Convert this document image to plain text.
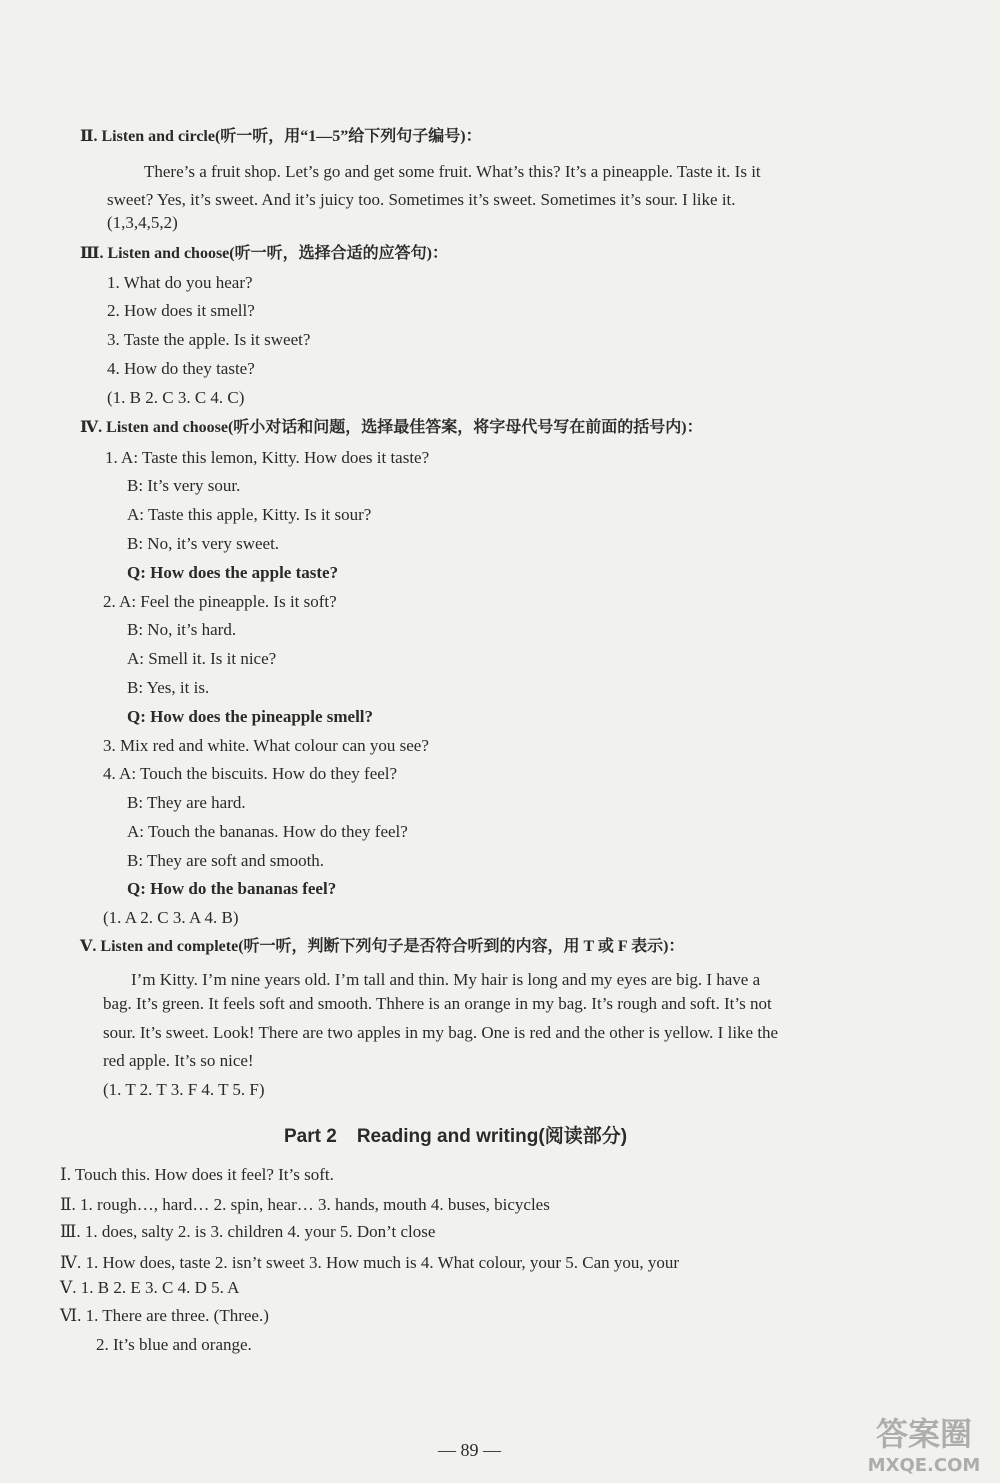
Ⅱ. Listen and circle(听一听，用“1—5”给下列句子编号)：
There’s a fruit shop. Let’s go and get some fruit. What’s this? It’s a pineapple. Taste it. Is it
sweet? Yes, it’s sweet. And it’s juicy too. Sometimes it’s sweet. Sometimes it’s sour. I like it.
(1,3,4,5,2)
Ⅲ. Listen and choose(听一听，选择合适的应答句)：
1. What do you hear?
2. How does it smell?
3. Taste the apple. Is it sweet?
4. How do they taste?
(1. B 2. C 3. C 4. C)
Ⅳ. Listen and choose(听小对话和问题，选择最佳答案，将字母代号写在前面的括号内)：
1. A: Taste this lemon, Kitty. How does it taste?
B: It’s very sour.
A: Taste this apple, Kitty. Is it sour?
B: No, it’s very sweet.
Q: How does the apple taste?
2. A: Feel the pineapple. Is it soft?
B: No, it’s hard.
A: Smell it. Is it nice?
B: Yes, it is.
Q: How does the pineapple smell?
3. Mix red and white. What colour can you see?
4. A: Touch the biscuits. How do they feel?
B: They are hard.
A: Touch the bananas. How do they feel?
B: They are soft and smooth.
Q: How do the bananas feel?
(1. A 2. C 3. A 4. B)
Ⅴ. Listen and complete(听一听，判断下列句子是否符合听到的内容，用 T 或 F 表示)：
I’m Kitty. I’m nine years old. I’m tall and thin. My hair is long and my eyes are big. I have a
bag. It’s green. It feels soft and smooth. Thhere is an orange in my bag. It’s rough and soft. It’s not
sour. It’s sweet. Look! There are two apples in my bag. One is red and the other is yellow. I like the
red apple. It’s so nice!
(1. T 2. T 3. F 4. T 5. F)
Part 2 Reading and writing(阅读部分)
Ⅰ. Touch this. How does it feel? It’s soft.
Ⅱ. 1. rough…, hard… 2. spin, hear… 3. hands, mouth 4. buses, bicycles
Ⅲ. 1. does, salty 2. is 3. children 4. your 5. Don’t close
Ⅳ. 1. How does, taste 2. isn’t sweet 3. How much is 4. What colour, your 5. Can you, your
Ⅴ. 1. B 2. E 3. C 4. D 5. A
Ⅵ. 1. There are three. (Three.)
2. It’s blue and orange.
— 89 —	答案圈
MXQE.COM
